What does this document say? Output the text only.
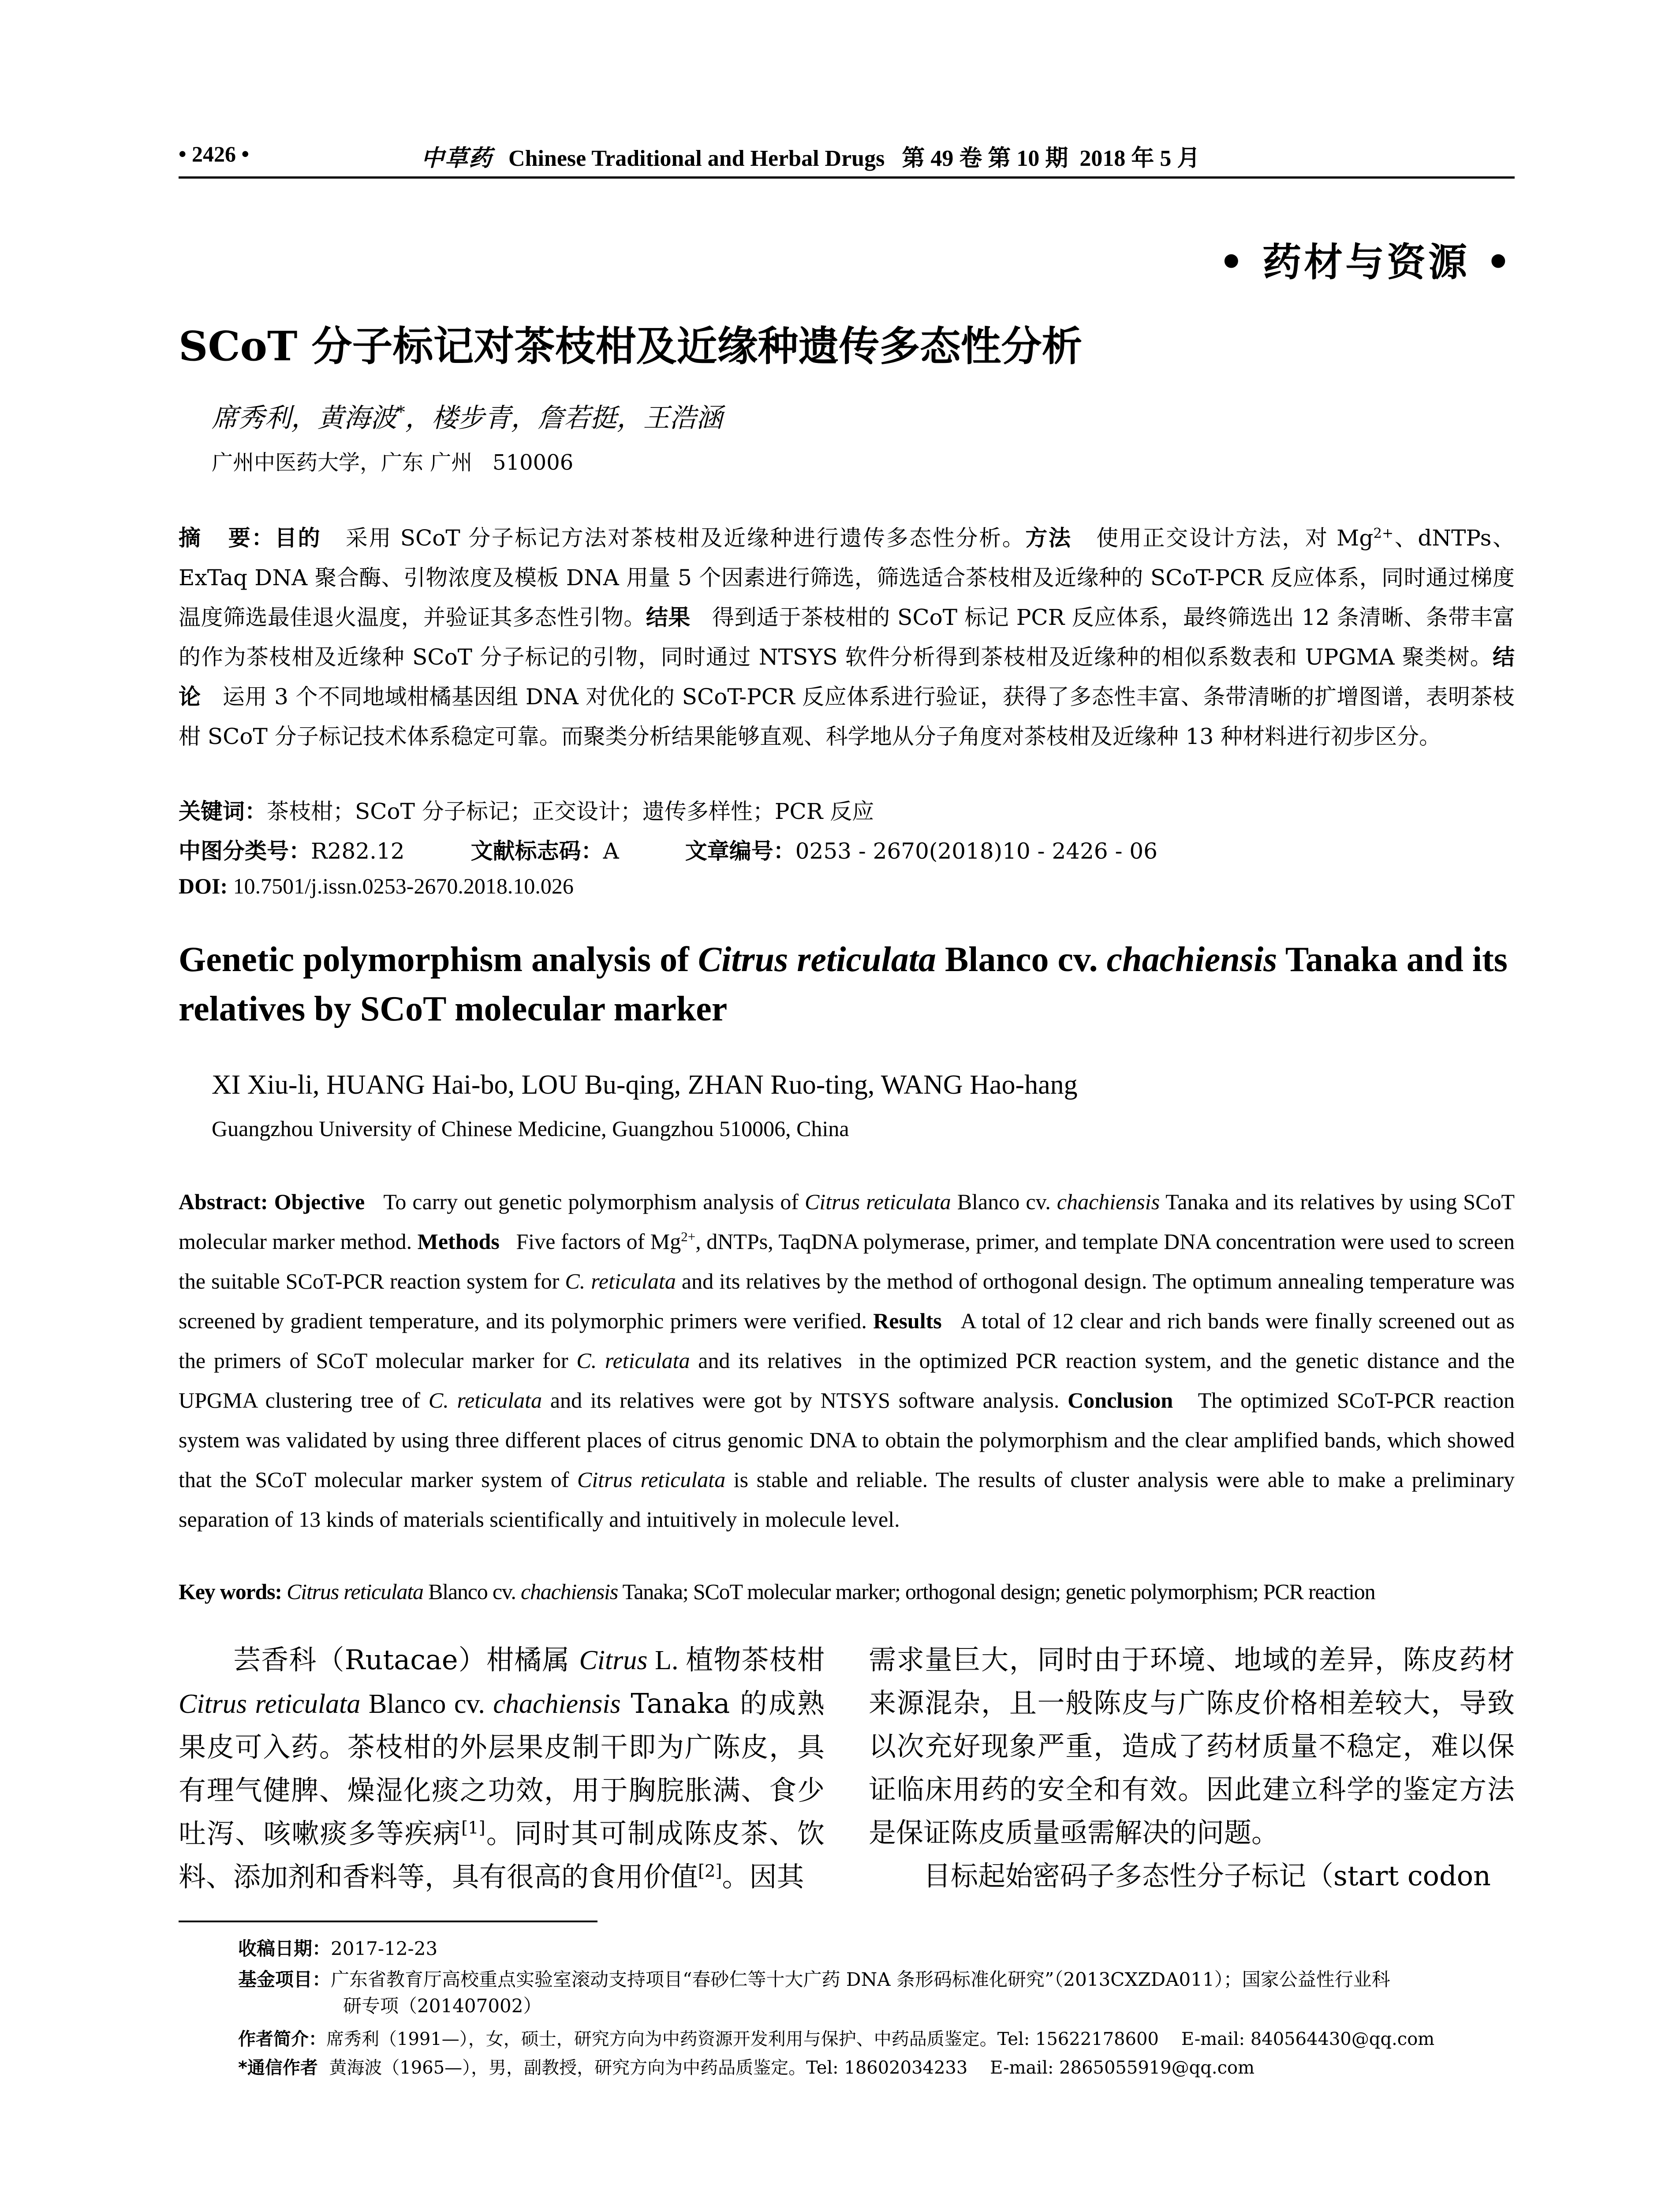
• 2426 •	中草药 Chinese Traditional and Herbal Drugs   第 49 卷 第 10 期  2018 年 5 月
• 药材与资源 •
SCoT 分子标记对茶枝柑及近缘种遗传多态性分析
席秀利，黄海波*，楼步青，詹若挺，王浩涵
广州中医药大学，广东 广州   510006
摘   要：目的 采用 SCoT 分子标记方法对茶枝柑及近缘种进行遗传多态性分析。方法 使用正交设计方法，对 $Mg^{2+}$、dNTPs、ExTaq DNA 聚合酶、引物浓度及模板 DNA 用量 5 个因素进行筛选，筛选适合茶枝柑及近缘种的 SCoT-PCR 反应体系，同时通过梯度温度筛选最佳退火温度，并验证其多态性引物。结果 得到适于茶枝柑的 SCoT 标记 PCR 反应体系，最终筛选出 12 条清晰、条带丰富的作为茶枝柑及近缘种 SCoT 分子标记的引物，同时通过 NTSYS 软件分析得到茶枝柑及近缘种的相似系数表和 UPGMA 聚类树。结论 运用 3 个不同地域柑橘基因组 DNA 对优化的 SCoT-PCR 反应体系进行验证，获得了多态性丰富、条带清晰的扩增图谱，表明茶枝柑 SCoT 分子标记技术体系稳定可靠。而聚类分析结果能够直观、科学地从分子角度对茶枝柑及近缘种 13 种材料进行初步区分。
关键词：茶枝柑；SCoT 分子标记；正交设计；遗传多样性；PCR 反应
中图分类号：R282.12	文献标志码：A	文章编号：0253 - 2670(2018)10 - 2426 - 06
DOI: 10.7501/j.issn.0253-2670.2018.10.026
Genetic polymorphism analysis of Citrus reticulata Blanco cv. chachiensis Tanaka and its relatives by SCoT molecular marker
XI Xiu-li, HUANG Hai-bo, LOU Bu-qing, ZHAN Ruo-ting, WANG Hao-hang
Guangzhou University of Chinese Medicine, Guangzhou 510006, China
Abstract: Objective To carry out genetic polymorphism analysis of Citrus reticulata Blanco cv. chachiensis Tanaka and its relatives by using SCoT molecular marker method. Methods Five factors of $Mg^{2+}$, dNTPs, TaqDNA polymerase, primer, and template DNA concentration were used to screen the suitable SCoT-PCR reaction system for C. reticulata and its relatives by the method of orthogonal design. The optimum annealing temperature was screened by gradient temperature, and its polymorphic primers were verified. Results A total of 12 clear and rich bands were finally screened out as the primers of SCoT molecular marker for C. reticulata and its relatives  in the optimized PCR reaction system, and the genetic distance and the UPGMA clustering tree of C. reticulata and its relatives were got by NTSYS software analysis. Conclusion The optimized SCoT-PCR reaction system was validated by using three different places of citrus genomic DNA to obtain the polymorphism and the clear amplified bands, which showed that the SCoT molecular marker system of Citrus reticulata is stable and reliable. The results of cluster analysis were able to make a preliminary separation of 13 kinds of materials scientifically and intuitively in molecule level.
Key words: Citrus reticulata Blanco cv. chachiensis Tanaka; SCoT molecular marker; orthogonal design; genetic polymorphism; PCR reaction
芸香科（Rutacae）柑橘属 Citrus L. 植物茶枝柑 Citrus reticulata Blanco cv. chachiensis Tanaka 的成熟果皮可入药。茶枝柑的外层果皮制干即为广陈皮，具有理气健脾、燥湿化痰之功效，用于胸脘胀满、食少吐泻、咳嗽痰多等疾病[1]。同时其可制成陈皮茶、饮料、添加剂和香料等，具有很高的食用价值[2]。因其
需求量巨大，同时由于环境、地域的差异，陈皮药材来源混杂，且一般陈皮与广陈皮价格相差较大，导致以次充好现象严重，造成了药材质量不稳定，难以保证临床用药的安全和有效。因此建立科学的鉴定方法是保证陈皮质量亟需解决的问题。
目标起始密码子多态性分子标记（start codon
收稿日期：2017-12-23
基金项目：广东省教育厅高校重点实验室滚动支持项目“春砂仁等十大广药 DNA 条形码标准化研究”（2013CXZDA011）；国家公益性行业科
研专项（201407002）
作者简介：席秀利（1991—），女，硕士，研究方向为中药资源开发利用与保护、中药品质鉴定。Tel: 15622178600    E-mail: 840564430@qq.com
*通信作者  黄海波（1965—），男，副教授，研究方向为中药品质鉴定。Tel: 18602034233    E-mail: 2865055919@qq.com
